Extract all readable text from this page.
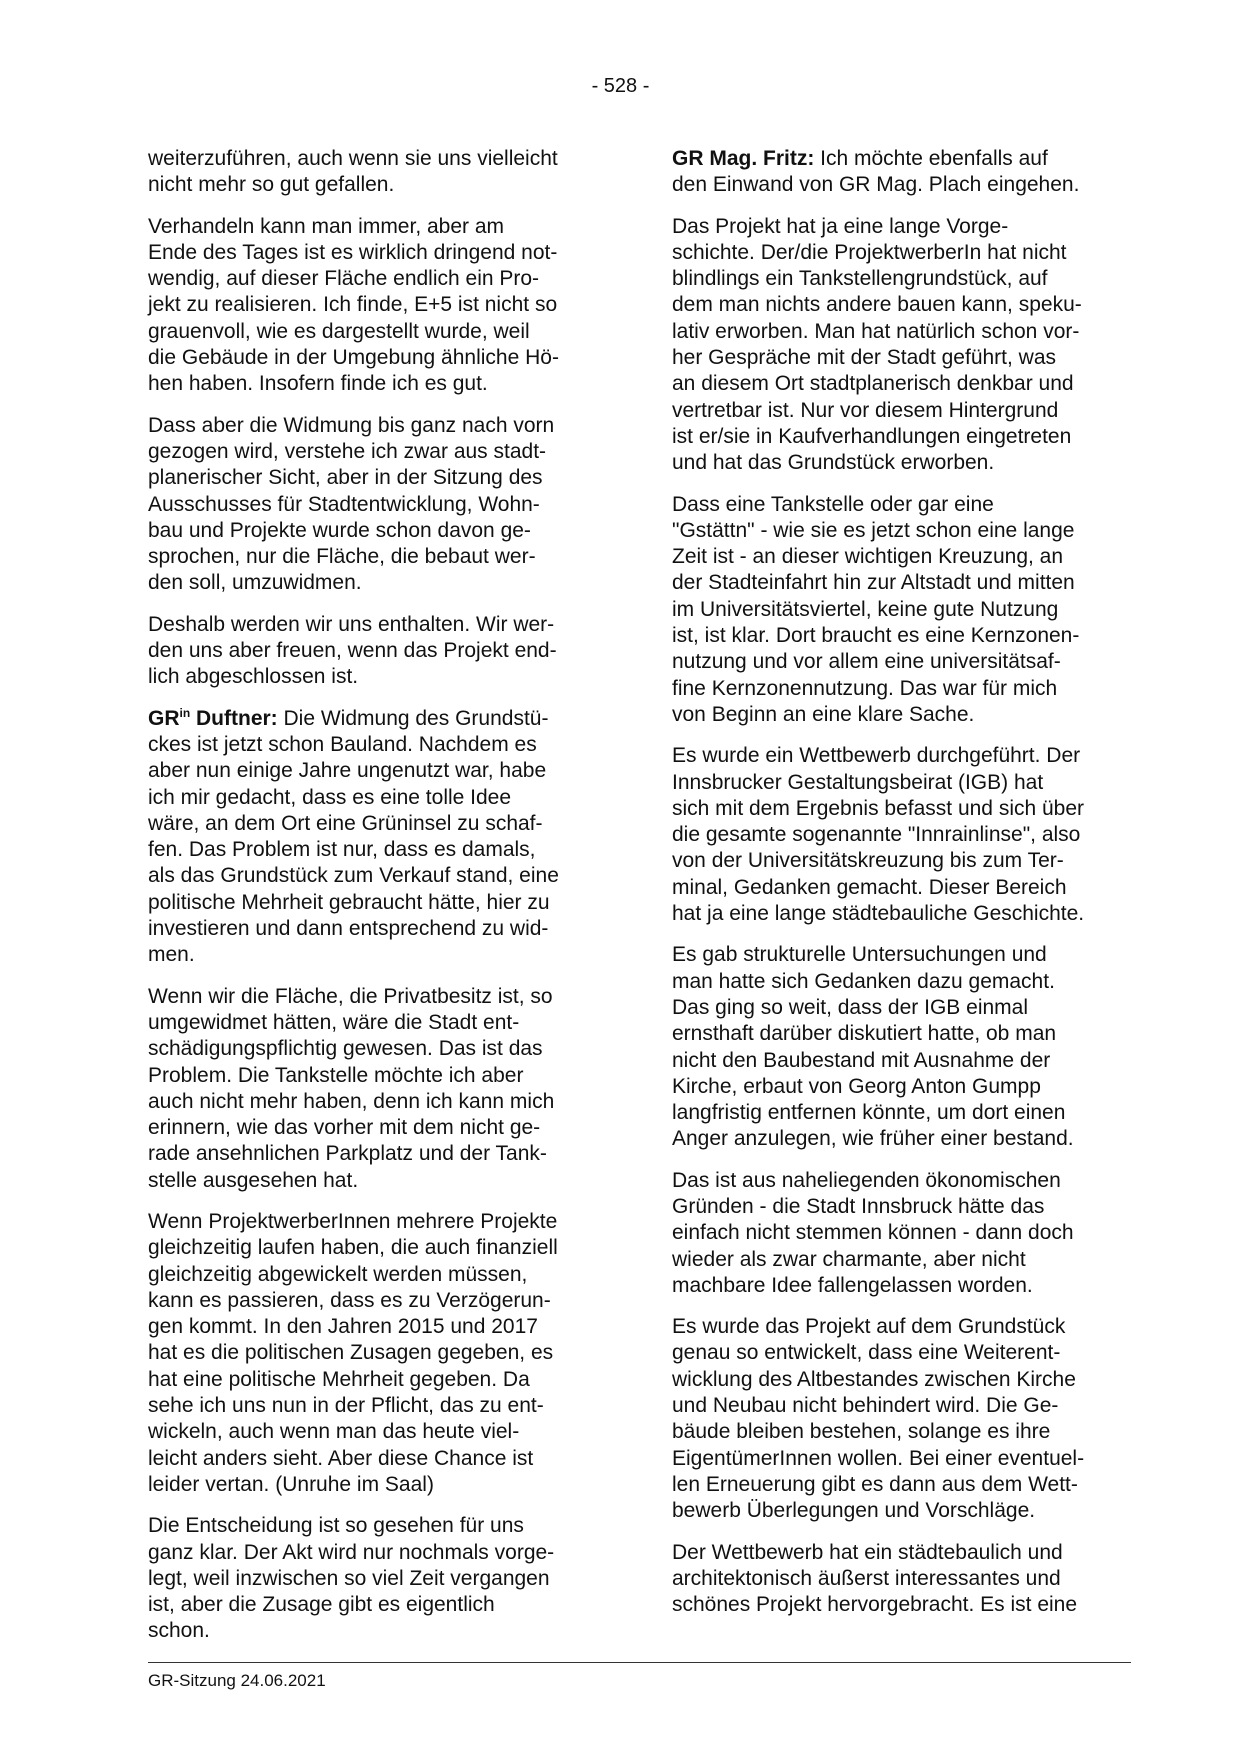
- 528 -

weiterzuführen, auch wenn sie uns vielleicht
nicht mehr so gut gefallen.

Verhandeln kann man immer, aber am
Ende des Tages ist es wirklich dringend not-
wendig, auf dieser Fläche endlich ein Pro-
jekt zu realisieren. Ich finde, E+5 ist nicht so
grauenvoll, wie es dargestellt wurde, weil
die Gebäude in der Umgebung ähnliche Hö-
hen haben. Insofern finde ich es gut.

Dass aber die Widmung bis ganz nach vorn
gezogen wird, verstehe ich zwar aus stadt-
planerischer Sicht, aber in der Sitzung des
Ausschusses für Stadtentwicklung, Wohn-
bau und Projekte wurde schon davon ge-
sprochen, nur die Fläche, die bebaut wer-
den soll, umzuwidmen.

Deshalb werden wir uns enthalten. Wir wer-
den uns aber freuen, wenn das Projekt end-
lich abgeschlossen ist.

$GR^{in}$ Duftner: Die Widmung des Grundstü-
ckes ist jetzt schon Bauland. Nachdem es
aber nun einige Jahre ungenutzt war, habe
ich mir gedacht, dass es eine tolle Idee
wäre, an dem Ort eine Grüninsel zu schaf-
fen. Das Problem ist nur, dass es damals,
als das Grundstück zum Verkauf stand, eine
politische Mehrheit gebraucht hätte, hier zu
investieren und dann entsprechend zu wid-
men.

Wenn wir die Fläche, die Privatbesitz ist, so
umgewidmet hätten, wäre die Stadt ent-
schädigungspflichtig gewesen. Das ist das
Problem. Die Tankstelle möchte ich aber
auch nicht mehr haben, denn ich kann mich
erinnern, wie das vorher mit dem nicht ge-
rade ansehnlichen Parkplatz und der Tank-
stelle ausgesehen hat.

Wenn ProjektwerberInnen mehrere Projekte
gleichzeitig laufen haben, die auch finanziell
gleichzeitig abgewickelt werden müssen,
kann es passieren, dass es zu Verzögerun-
gen kommt. In den Jahren 2015 und 2017
hat es die politischen Zusagen gegeben, es
hat eine politische Mehrheit gegeben. Da
sehe ich uns nun in der Pflicht, das zu ent-
wickeln, auch wenn man das heute viel-
leicht anders sieht. Aber diese Chance ist
leider vertan. (Unruhe im Saal)

Die Entscheidung ist so gesehen für uns
ganz klar. Der Akt wird nur nochmals vorge-
legt, weil inzwischen so viel Zeit vergangen
ist, aber die Zusage gibt es eigentlich
schon.

GR Mag. Fritz: Ich möchte ebenfalls auf
den Einwand von GR Mag. Plach eingehen.

Das Projekt hat ja eine lange Vorge-
schichte. Der/die ProjektwerberIn hat nicht
blindlings ein Tankstellengrundstück, auf
dem man nichts andere bauen kann, speku-
lativ erworben. Man hat natürlich schon vor-
her Gespräche mit der Stadt geführt, was
an diesem Ort stadtplanerisch denkbar und
vertretbar ist. Nur vor diesem Hintergrund
ist er/sie in Kaufverhandlungen eingetreten
und hat das Grundstück erworben.

Dass eine Tankstelle oder gar eine
"Gstättn" - wie sie es jetzt schon eine lange
Zeit ist - an dieser wichtigen Kreuzung, an
der Stadteinfahrt hin zur Altstadt und mitten
im Universitätsviertel, keine gute Nutzung
ist, ist klar. Dort braucht es eine Kernzonen-
nutzung und vor allem eine universitätsaf-
fine Kernzonennutzung. Das war für mich
von Beginn an eine klare Sache.

Es wurde ein Wettbewerb durchgeführt. Der
Innsbrucker Gestaltungsbeirat (IGB) hat
sich mit dem Ergebnis befasst und sich über
die gesamte sogenannte "Innrainlinse", also
von der Universitätskreuzung bis zum Ter-
minal, Gedanken gemacht. Dieser Bereich
hat ja eine lange städtebauliche Geschichte.

Es gab strukturelle Untersuchungen und
man hatte sich Gedanken dazu gemacht.
Das ging so weit, dass der IGB einmal
ernsthaft darüber diskutiert hatte, ob man
nicht den Baubestand mit Ausnahme der
Kirche, erbaut von Georg Anton Gumpp
langfristig entfernen könnte, um dort einen
Anger anzulegen, wie früher einer bestand.

Das ist aus naheliegenden ökonomischen
Gründen - die Stadt Innsbruck hätte das
einfach nicht stemmen können - dann doch
wieder als zwar charmante, aber nicht
machbare Idee fallengelassen worden.

Es wurde das Projekt auf dem Grundstück
genau so entwickelt, dass eine Weiterent-
wicklung des Altbestandes zwischen Kirche
und Neubau nicht behindert wird. Die Ge-
bäude bleiben bestehen, solange es ihre
EigentümerInnen wollen. Bei einer eventuel-
len Erneuerung gibt es dann aus dem Wett-
bewerb Überlegungen und Vorschläge.

Der Wettbewerb hat ein städtebaulich und
architektonisch äußerst interessantes und
schönes Projekt hervorgebracht. Es ist eine

GR-Sitzung 24.06.2021
